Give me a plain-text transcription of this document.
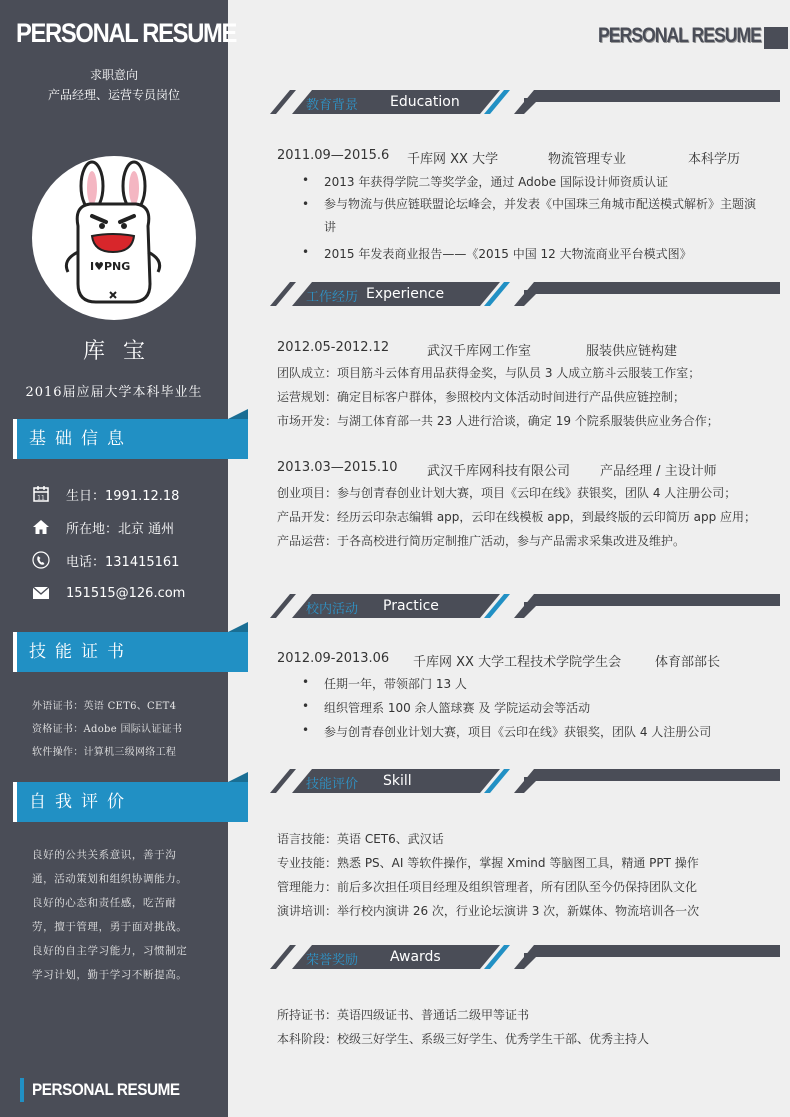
PERSONAL RESUME
求职意向
产品经理、运营专员岗位
I♥PNG
库宝
2016届应届大学本科毕业生
基础信息
11 生日：1991.12.18
所在地：北京 通州
电话：131415161
151515@126.com
技能证书
外语证书：英语 CET6、CET4
资格证书：Adobe 国际认证证书
软件操作：计算机三级网络工程
自我评价
良好的公共关系意识，善于沟
通，活动策划和组织协调能力。
良好的心态和责任感，吃苦耐
劳，擅于管理，勇于面对挑战。
良好的自主学习能力，习惯制定
学习计划，勤于学习不断提高。
PERSONAL RESUME
PERSONAL RESUME
教育背景 Education
2011.09—2015.6 千库网 XX 大学	物流管理专业	本科学历
• 2013 年获得学院二等奖学金，通过 Adobe 国际设计师资质认证
• 参与物流与供应链联盟论坛峰会，并发表《中国珠三角城市配送模式解析》主题演讲
• 2015 年发表商业报告——《2015 中国 12 大物流商业平台模式图》
工作经历 Experience
2012.05-2012.12	武汉千库网工作室	服装供应链构建
团队成立：项目筋斗云体育用品获得金奖，与队员 3 人成立筋斗云服装工作室；
运营规划：确定目标客户群体，参照校内文体活动时间进行产品供应链控制；
市场开发：与湖工体育部一共 23 人进行洽谈，确定 19 个院系服装供应业务合作；
2013.03—2015.10 武汉千库网科技有限公司 产品经理 / 主设计师
创业项目：参与创青春创业计划大赛，项目《云印在线》获银奖，团队 4 人注册公司；
产品开发：经历云印杂志编辑 app，云印在线模板 app，到最终版的云印简历 app 应用；
产品运营：于各高校进行简历定制推广活动，参与产品需求采集改进及维护。
校内活动 Practice
2012.09-2013.06 千库网 XX 大学工程技术学院学生会	体育部部长
• 任期一年，带领部门 13 人
• 组织管理系 100 余人篮球赛 及 学院运动会等活动
• 参与创青春创业计划大赛，项目《云印在线》获银奖，团队 4 人注册公司
技能评价 Skill
语言技能：英语 CET6、武汉话
专业技能：熟悉 PS、AI 等软件操作，掌握 Xmind 等脑图工具，精通 PPT 操作
管理能力：前后多次担任项目经理及组织管理者，所有团队至今仍保持团队文化
演讲培训：举行校内演讲 26 次，行业论坛演讲 3 次，新媒体、物流培训各一次
荣誉奖励 Awards
所持证书：英语四级证书、普通话二级甲等证书
本科阶段：校级三好学生、系级三好学生、优秀学生干部、优秀主持人
